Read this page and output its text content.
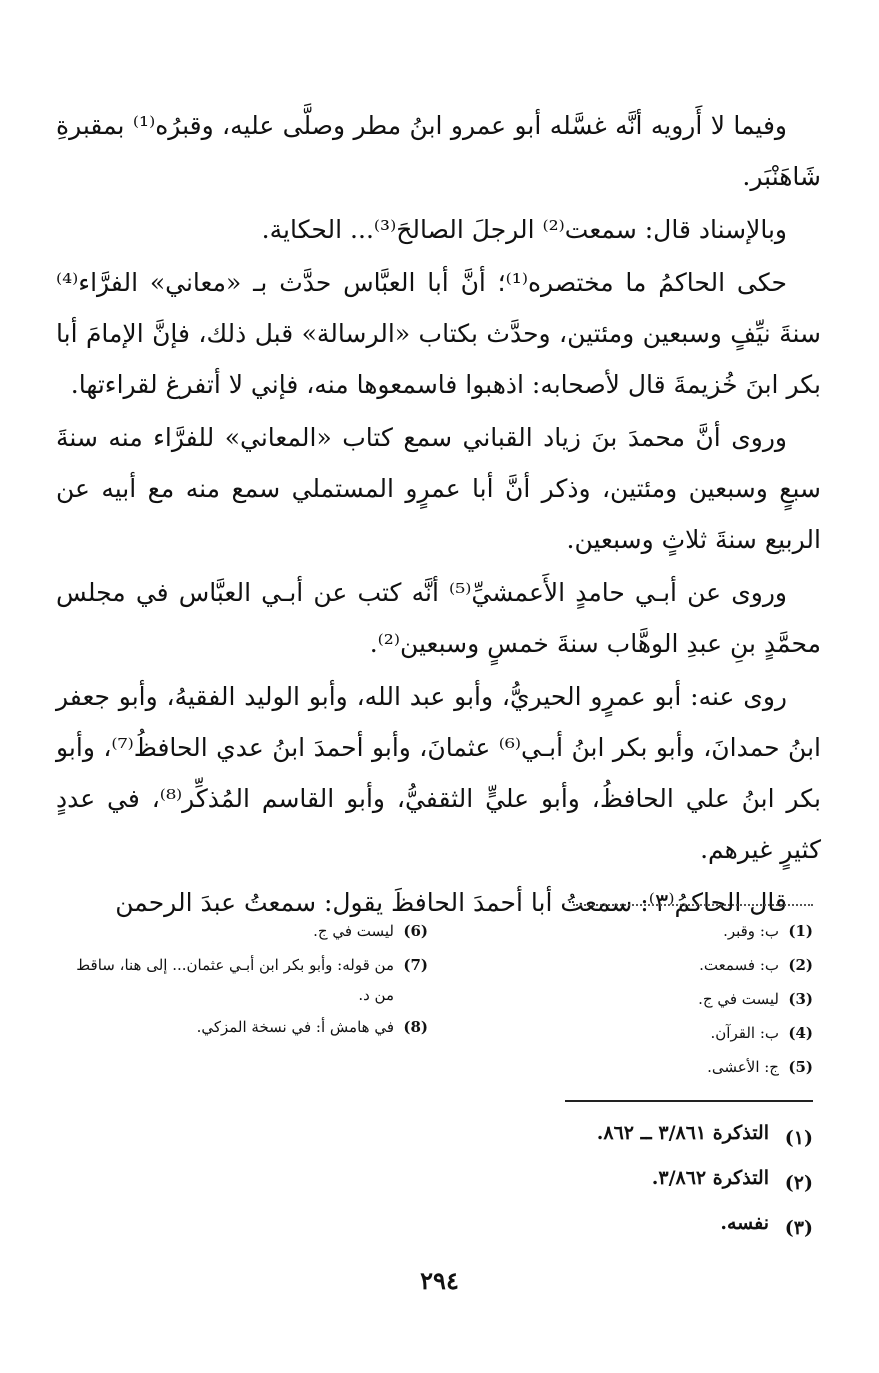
وفيما لا أَرويه أنَّه غسَّله أبو عمرو ابنُ مطر وصلَّى عليه، وقبرُه⁽¹⁾ بمقبرةِ شَاهَنْبَر.

وبالإسناد قال: سمعت⁽²⁾ الرجلَ الصالحَ⁽³⁾... الحكاية.

حكى الحاكمُ ما مختصره⁽¹⁾؛ أنَّ أبا العبَّاس حدَّث بـ «معاني» الفرَّاء⁽⁴⁾ سنةَ نيِّفٍ وسبعين ومئتين، وحدَّث بكتاب «الرسالة» قبل ذلك، فإنَّ الإمامَ أبا بكر ابنَ خُزيمةَ قال لأصحابه: اذهبوا فاسمعوها منه، فإني لا أتفرغ لقراءتها.

وروى أنَّ محمدَ بنَ زياد القباني سمع كتاب «المعاني» للفرَّاء منه سنةَ سبعٍ وسبعين ومئتين، وذكر أنَّ أبا عمرٍو المستملي سمع منه مع أبيه عن الربيع سنةَ ثلاثٍ وسبعين.

وروى عن أبـي حامدٍ الأَعمشيِّ⁽⁵⁾ أنَّه كتب عن أبـي العبَّاس في مجلس محمَّدٍ بنِ عبدِ الوهَّاب سنةَ خمسٍ وسبعين⁽²⁾.

روى عنه: أبو عمرٍو الحيريُّ، وأبو عبد الله، وأبو الوليد الفقيهُ، وأبو جعفر ابنُ حمدانَ، وأبو بكر ابنُ أبـي⁽⁶⁾ عثمانَ، وأبو أحمدَ ابنُ عدي الحافظُ⁽⁷⁾، وأبو بكر ابنُ علي الحافظُ، وأبو عليٍّ الثقفيُّ، وأبو القاسم المُذكِّر⁽⁸⁾، في عددٍ كثيرٍ غيرهم.

قال الحاكمُ⁽٣⁾: سمعتُ أبا أحمدَ الحافظَ يقول: سمعتُ عبدَ الرحمن

(1)
ب: وقبر.
(2)
ب: فسمعت.
(3)
ليست في ج.
(4)
ب: القرآن.
(5)
ج: الأعشى.
(6)
ليست في ج.
(7)
من قوله: وأبو بكر ابن أبـي عثمان... إلى هنا، ساقط من د.
(8)
في هامش أ: في نسخة المزكي.
(١)
التذكرة ٣/٨٦١ ــ ٨٦٢.
(٢)
التذكرة ٣/٨٦٢.
(٣)
نفسه.
٢٩٤
